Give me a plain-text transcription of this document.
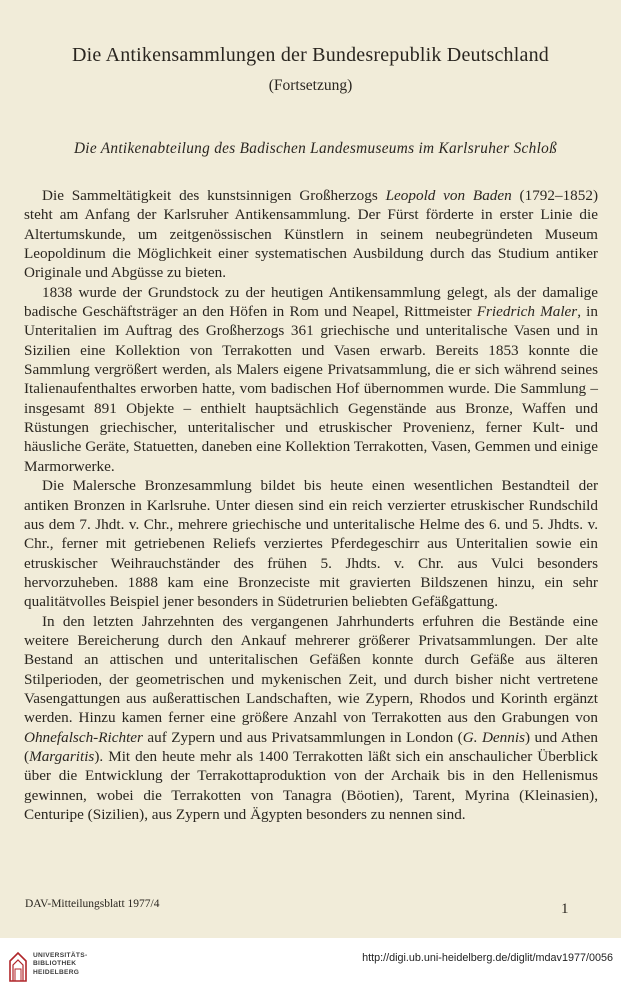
Die Antikensammlungen der Bundesrepublik Deutschland
(Fortsetzung)
Die Antikenabteilung des Badischen Landesmuseums im Karlsruher Schloß

Die Sammeltätigkeit des kunstsinnigen Großherzogs Leopold von Baden (1792–1852) steht am Anfang der Karlsruher Antikensammlung. Der Fürst förderte in erster Linie die Altertumskunde, um zeitgenössischen Künstlern in seinem neubegründeten Museum Leopoldinum die Möglichkeit einer systematischen Ausbildung durch das Studium antiker Originale und Abgüsse zu bieten.

1838 wurde der Grundstock zu der heutigen Antikensammlung gelegt, als der damalige badische Geschäftsträger an den Höfen in Rom und Neapel, Rittmeister Friedrich Maler, in Unteritalien im Auftrag des Großherzogs 361 griechische und unteritalische Vasen und in Sizilien eine Kollektion von Terrakotten und Vasen erwarb. Bereits 1853 konnte die Sammlung vergrößert werden, als Malers eigene Privatsammlung, die er sich während seines Italienaufenthaltes erworben hatte, vom badischen Hof übernommen wurde. Die Sammlung – insgesamt 891 Objekte – enthielt hauptsächlich Gegenstände aus Bronze, Waffen und Rüstungen griechischer, unteritalischer und etruskischer Provenienz, ferner Kult- und häusliche Geräte, Statuetten, daneben eine Kollektion Terrakotten, Vasen, Gemmen und einige Marmorwerke.

Die Malersche Bronzesammlung bildet bis heute einen wesentlichen Bestandteil der antiken Bronzen in Karlsruhe. Unter diesen sind ein reich verzierter etruskischer Rundschild aus dem 7. Jhdt. v. Chr., mehrere griechische und unteritalische Helme des 6. und 5. Jhdts. v. Chr., ferner mit getriebenen Reliefs verziertes Pferdegeschirr aus Unteritalien sowie ein etruskischer Weihrauchständer des frühen 5. Jhdts. v. Chr. aus Vulci besonders hervorzuheben. 1888 kam eine Bronzeciste mit gravierten Bildszenen hinzu, ein sehr qualitätvolles Beispiel jener besonders in Südetrurien beliebten Gefäßgattung.

In den letzten Jahrzehnten des vergangenen Jahrhunderts erfuhren die Bestände eine weitere Bereicherung durch den Ankauf mehrerer größerer Privatsammlungen. Der alte Bestand an attischen und unteritalischen Gefäßen konnte durch Gefäße aus älteren Stilperioden, der geometrischen und mykenischen Zeit, und durch bisher nicht vertretene Vasengattungen aus außerattischen Landschaften, wie Zypern, Rhodos und Korinth ergänzt werden. Hinzu kamen ferner eine größere Anzahl von Terrakotten aus den Grabungen von Ohnefalsch-Richter auf Zypern und aus Privatsammlungen in London (G. Dennis) und Athen (Margaritis). Mit den heute mehr als 1400 Terrakotten läßt sich ein anschaulicher Überblick über die Entwicklung der Terrakottaproduktion von der Archaik bis in den Hellenismus gewinnen, wobei die Terrakotten von Tanagra (Böotien), Tarent, Myrina (Kleinasien), Centuripe (Sizilien), aus Zypern und Ägypten besonders zu nennen sind.

DAV-Mitteilungsblatt 1977/4	1
UNIVERSITÄTS-
BIBLIOTHEK
HEIDELBERG
http://digi.ub.uni-heidelberg.de/diglit/mdav1977/0056
